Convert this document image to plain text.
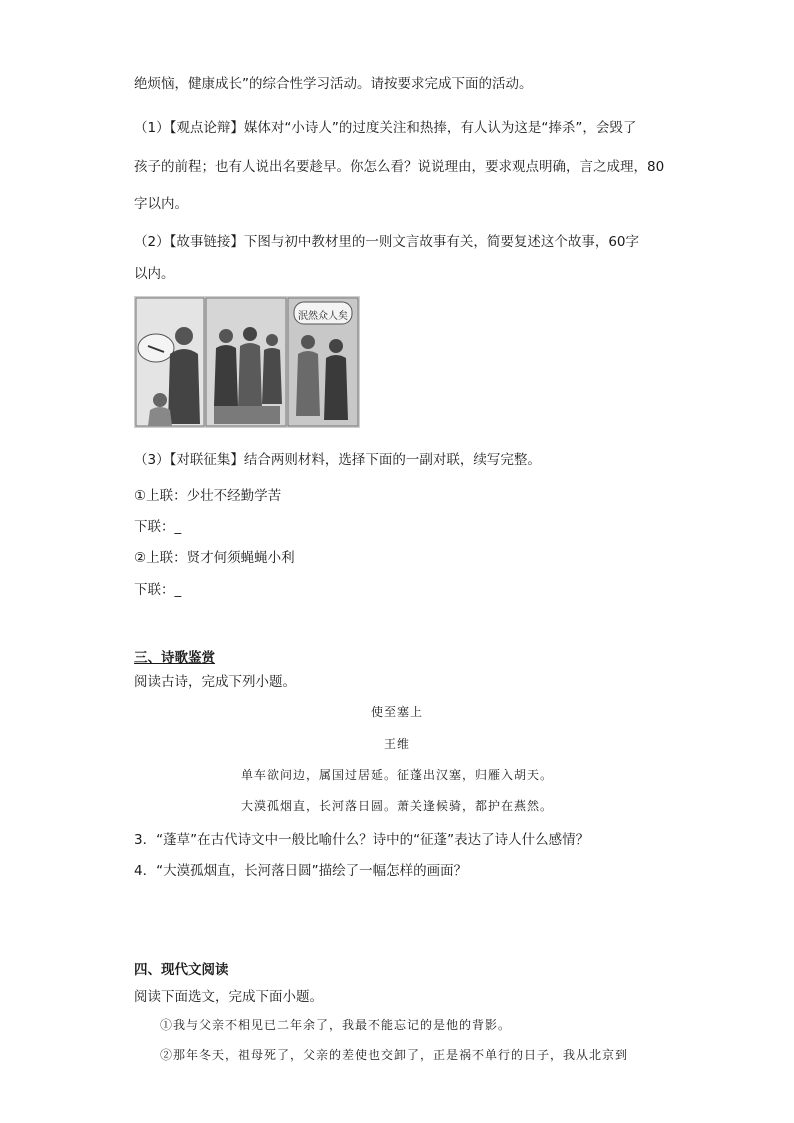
绝烦恼，健康成长”的综合性学习活动。请按要求完成下面的活动。
（1）【观点论辩】媒体对“小诗人”的过度关注和热捧，有人认为这是“捧杀”，会毁了
孩子的前程；也有人说出名要趁早。你怎么看？说说理由，要求观点明确，言之成理，80
字以内。
（2）【故事链接】下图与初中教材里的一则文言故事有关，简要复述这个故事，60字
以内。
泯然众人矣
（3）【对联征集】结合两则材料，选择下面的一副对联，续写完整。
①上联：少壮不经勤学苦
下联：_
②上联：贤才何须蝇蝇小利
下联：_
三、诗歌鉴赏
阅读古诗，完成下列小题。
使至塞上
王维
单车欲问边，属国过居延。征蓬出汉塞，归雁入胡天。
大漠孤烟直，长河落日圆。萧关逢候骑，都护在燕然。
3．“蓬草”在古代诗文中一般比喻什么？诗中的“征蓬”表达了诗人什么感情？
4．“大漠孤烟直，长河落日圆”描绘了一幅怎样的画面？
四、现代文阅读
阅读下面选文，完成下面小题。
①我与父亲不相见已二年余了，我最不能忘记的是他的背影。
②那年冬天，祖母死了，父亲的差使也交卸了，正是祸不单行的日子，我从北京到
